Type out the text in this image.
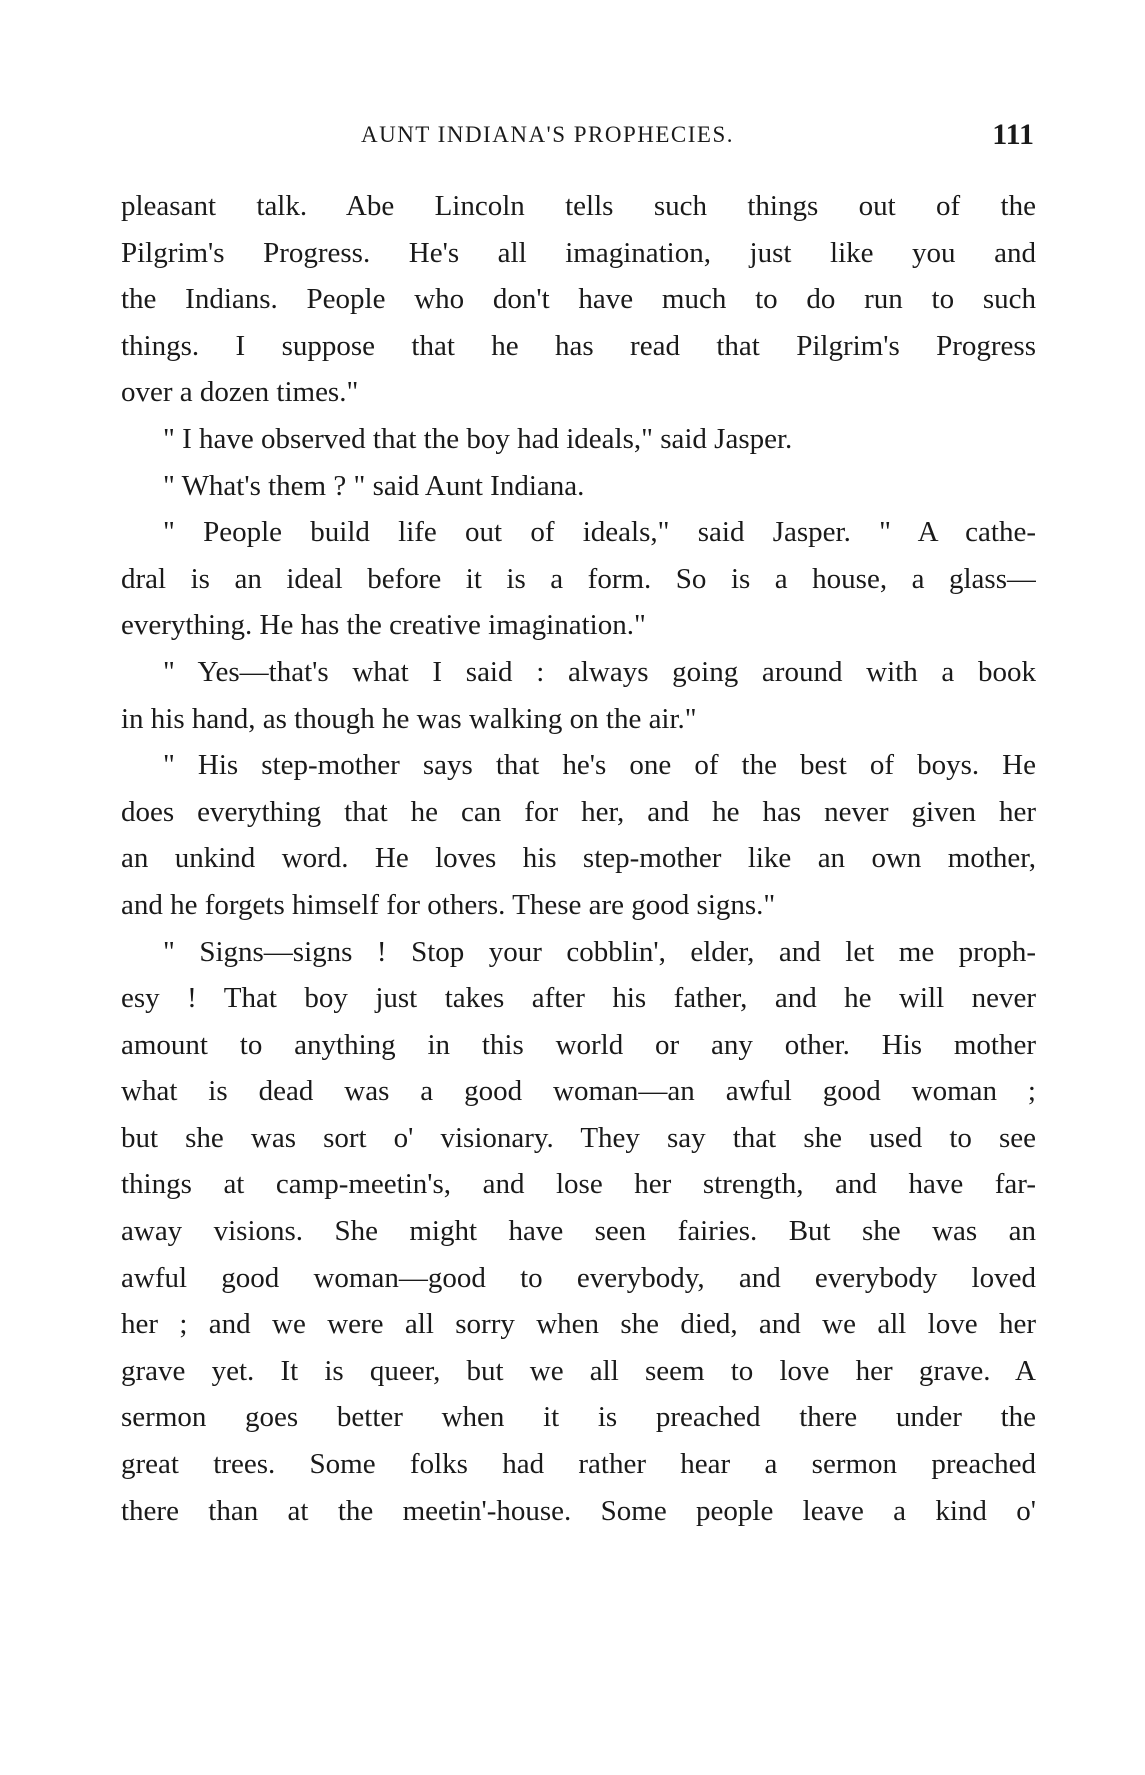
AUNT INDIANA'S PROPHECIES.	111
pleasant talk. Abe Lincoln tells such things out of the
Pilgrim's Progress. He's all imagination, just like you and
the Indians. People who don't have much to do run to such
things. I suppose that he has read that Pilgrim's Progress
over a dozen times."
" I have observed that the boy had ideals," said Jasper.
" What's them ? " said Aunt Indiana.
" People build life out of ideals," said Jasper. " A cathe-
dral is an ideal before it is a form. So is a house, a glass—
everything. He has the creative imagination."
" Yes—that's what I said : always going around with a book
in his hand, as though he was walking on the air."
" His step-mother says that he's one of the best of boys. He
does everything that he can for her, and he has never given her
an unkind word. He loves his step-mother like an own mother,
and he forgets himself for others. These are good signs."
" Signs—signs ! Stop your cobblin', elder, and let me proph-
esy ! That boy just takes after his father, and he will never
amount to anything in this world or any other. His mother
what is dead was a good woman—an awful good woman ;
but she was sort o' visionary. They say that she used to see
things at camp-meetin's, and lose her strength, and have far-
away visions. She might have seen fairies. But she was an
awful good woman—good to everybody, and everybody loved
her ; and we were all sorry when she died, and we all love her
grave yet. It is queer, but we all seem to love her grave. A
sermon goes better when it is preached there under the
great trees. Some folks had rather hear a sermon preached
there than at the meetin'-house. Some people leave a kind o'
